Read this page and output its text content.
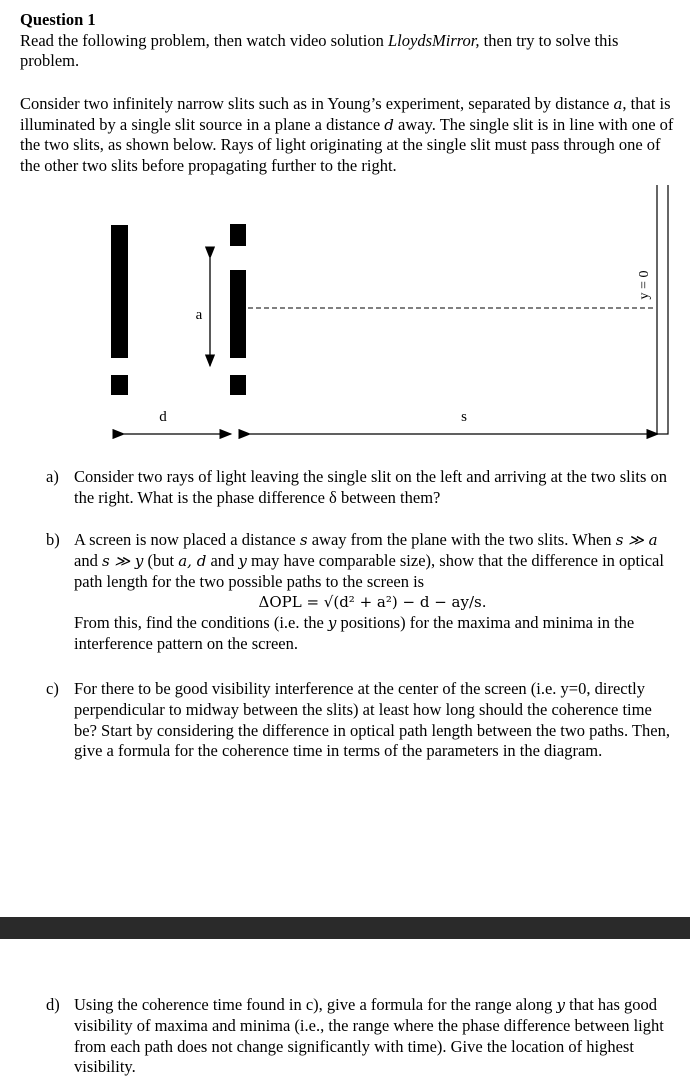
Question 1
Read the following problem, then watch video solution LloydsMirror, then try to solve this problem.
Consider two infinitely narrow slits such as in Young’s experiment, separated by distance a, that is illuminated by a single slit source in a plane a distance d away. The single slit is in line with one of the two slits, as shown below. Rays of light originating at the single slit must pass through one of the other two slits before propagating further to the right.
a
y = 0
d	s
a) Consider two rays of light leaving the single slit on the left and arriving at the two slits on the right. What is the phase difference δ between them?
b) A screen is now placed a distance s away from the plane with the two slits. When s ≫ a and s ≫ y (but a, d and y may have comparable size), show that the difference in optical path length for the two possible paths to the screen is
ΔOPL = √(d² + a²) − d − ay/s.
From this, find the conditions (i.e. the y positions) for the maxima and minima in the interference pattern on the screen.
c) For there to be good visibility interference at the center of the screen (i.e. y=0, directly perpendicular to midway between the slits) at least how long should the coherence time be? Start by considering the difference in optical path length between the two paths. Then, give a formula for the coherence time in terms of the parameters in the diagram.
d) Using the coherence time found in c), give a formula for the range along y that has good visibility of maxima and minima (i.e., the range where the phase difference between light from each path does not change significantly with time). Give the location of highest visibility.
